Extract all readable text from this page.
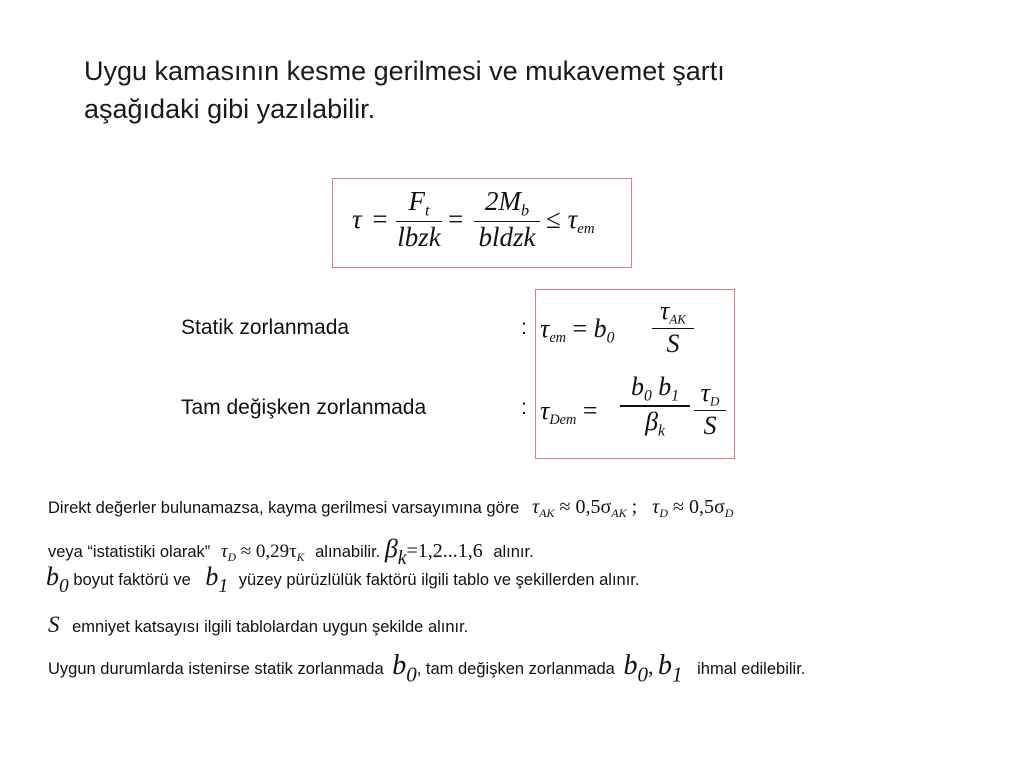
Uygu kamasının kesme gerilmesi ve mukavemet şartı
aşağıdaki gibi yazılabilir.
τ =
$F_t$
lbzk
=
$2M_b$
bldzk
≤ $\tau_{em}$
Statik zorlanmada
Tam değişken zorlanmada
:
:
$\tau_{em} = b_0$
$\tau_{AK}$
S
$\tau_{Dem}$ =
$b_0$ $b_1$
$\beta_k$
$\tau_D$
S
Direkt değerler bulunamazsa, kayma gerilmesi varsayımına göre $\tau_{AK} \approx 0,5\sigma_{AK}$ ;   $\tau_D \approx 0,5\sigma_D$
veya “istatistiki olarak” $\tau_D \approx 0,29\tau_K$ alınabilir. $\beta_k=1,2...1,6$ alınır.
$b_0$ boyut faktörü ve $b_1$ yüzey pürüzlülük faktörü ilgili tablo ve şekillerden alınır.
S emniyet katsayısı ilgili tablolardan uygun şekilde alınır.
Uygun durumlarda istenirse statik zorlanmada $b_0$, tam değişken zorlanmada $b_0$, $b_1$ ihmal edilebilir.
